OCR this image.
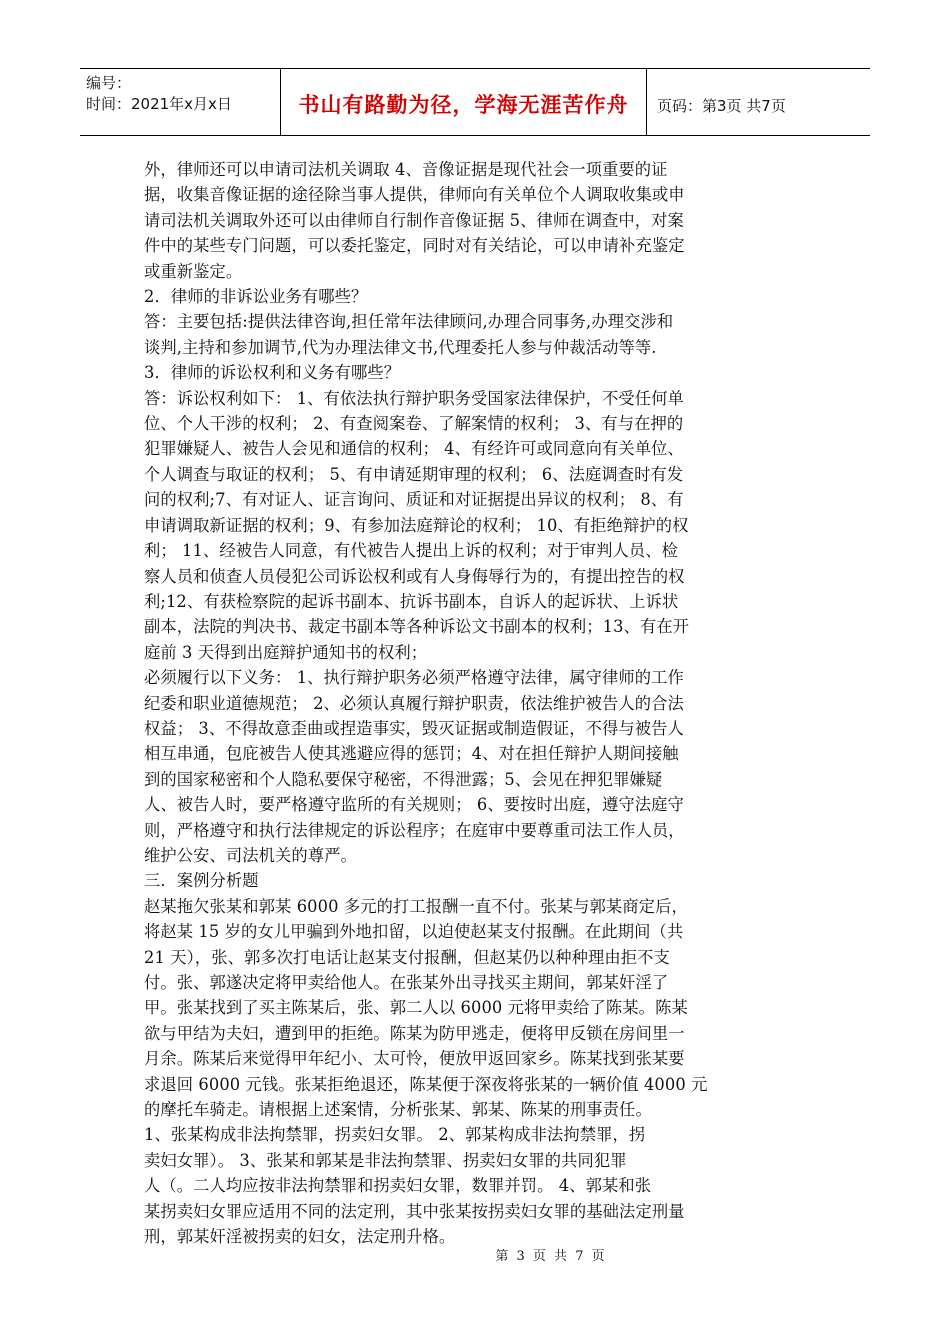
编号：
时间：2021年x月x日	书山有路勤为径，学海无涯苦作舟 页码：第3页 共7页

外，律师还可以申请司法机关调取 4、音像证据是现代社会一项重要的证

据，收集音像证据的途径除当事人提供，律师向有关单位个人调取收集或申

请司法机关调取外还可以由律师自行制作音像证据 5、律师在调查中，对案

件中的某些专门问题，可以委托鉴定，同时对有关结论，可以申请补充鉴定

或重新鉴定。

2．律师的非诉讼业务有哪些？

答：主要包括:提供法律咨询,担任常年法律顾问,办理合同事务,办理交涉和

谈判,主持和参加调节,代为办理法律文书,代理委托人参与仲裁活动等等.

3．律师的诉讼权利和义务有哪些？

答：诉讼权利如下： 1、有依法执行辩护职务受国家法律保护，不受任何单

位、个人干涉的权利； 2、有查阅案卷、了解案情的权利； 3、有与在押的

犯罪嫌疑人、被告人会见和通信的权利； 4、有经许可或同意向有关单位、

个人调查与取证的权利； 5、有申请延期审理的权利； 6、法庭调查时有发

问的权利;7、有对证人、证言询问、质证和对证据提出异议的权利； 8、有

申请调取新证据的权利；9、有参加法庭辩论的权利； 10、有拒绝辩护的权

利； 11、经被告人同意，有代被告人提出上诉的权利；对于审判人员、检

察人员和侦查人员侵犯公司诉讼权利或有人身侮辱行为的，有提出控告的权

利;12、有获检察院的起诉书副本、抗诉书副本，自诉人的起诉状、上诉状

副本，法院的判决书、裁定书副本等各种诉讼文书副本的权利；13、有在开

庭前 3 天得到出庭辩护通知书的权利；

必须履行以下义务： 1、执行辩护职务必须严格遵守法律，属守律师的工作

纪委和职业道德规范； 2、必须认真履行辩护职责，依法维护被告人的合法

权益； 3、不得故意歪曲或捏造事实，毁灭证据或制造假证，不得与被告人

相互串通，包庇被告人使其逃避应得的惩罚；4、对在担任辩护人期间接触

到的国家秘密和个人隐私要保守秘密，不得泄露；5、会见在押犯罪嫌疑

人、被告人时，要严格遵守监所的有关规则； 6、要按时出庭，遵守法庭守

则，严格遵守和执行法律规定的诉讼程序；在庭审中要尊重司法工作人员，

维护公安、司法机关的尊严。

三．案例分析题

赵某拖欠张某和郭某 6000 多元的打工报酬一直不付。张某与郭某商定后，

将赵某 15 岁的女儿甲骗到外地扣留，以迫使赵某支付报酬。在此期间（共

21 天），张、郭多次打电话让赵某支付报酬，但赵某仍以种种理由拒不支

付。张、郭遂决定将甲卖给他人。在张某外出寻找买主期间，郭某奸淫了

甲。张某找到了买主陈某后，张、郭二人以 6000 元将甲卖给了陈某。陈某

欲与甲结为夫妇，遭到甲的拒绝。陈某为防甲逃走，便将甲反锁在房间里一

月余。陈某后来觉得甲年纪小、太可怜，便放甲返回家乡。陈某找到张某要

求退回 6000 元钱。张某拒绝退还，陈某便于深夜将张某的一辆价值 4000 元

的摩托车骑走。请根据上述案情，分析张某、郭某、陈某的刑事责任。

1、张某构成非法拘禁罪，拐卖妇女罪。 2、郭某构成非法拘禁罪，拐

卖妇女罪）。 3、张某和郭某是非法拘禁罪、拐卖妇女罪的共同犯罪

人（。二人均应按非法拘禁罪和拐卖妇女罪，数罪并罚。 4、郭某和张

某拐卖妇女罪应适用不同的法定刑，其中张某按拐卖妇女罪的基础法定刑量

刑，郭某奸淫被拐卖的妇女，法定刑升格。

第 3 页 共 7 页
